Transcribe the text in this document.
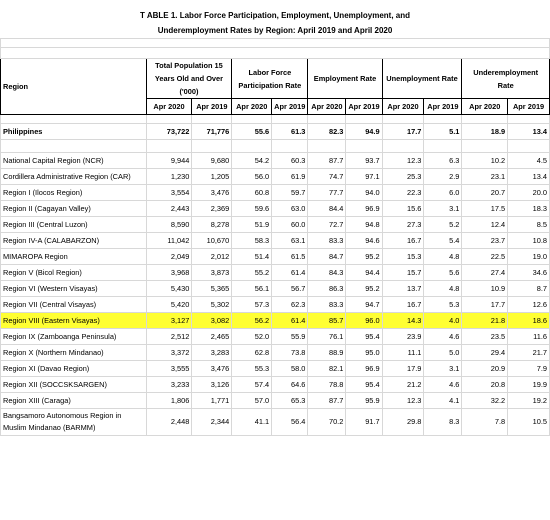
T ABLE 1. Labor Force Participation, Employment, Unemployment, and										
Underemployment Rates by Region: April 2019 and April 2020										

Region	Total Population 15 Years Old and Over ('000)		Labor Force Participation Rate		Employment Rate		Unemployment Rate		Underemployment Rate	
	Apr 2020	Apr 2019	Apr 2020	Apr 2019	Apr 2020	Apr 2019	Apr 2020	Apr 2019	Apr 2020	Apr 2019

Philippines	73,722	71,776	55.6	61.3	82.3	94.9	17.7	5.1	18.9	13.4

National Capital Region (NCR)	9,944	9,680	54.2	60.3	87.7	93.7	12.3	6.3	10.2	4.5
Cordillera Administrative Region (CAR)	1,230	1,205	56.0	61.9	74.7	97.1	25.3	2.9	23.1	13.4
Region I (Ilocos Region)	3,554	3,476	60.8	59.7	77.7	94.0	22.3	6.0	20.7	20.0
Region II (Cagayan Valley)	2,443	2,369	59.6	63.0	84.4	96.9	15.6	3.1	17.5	18.3
Region III (Central Luzon)	8,590	8,278	51.9	60.0	72.7	94.8	27.3	5.2	12.4	8.5
Region IV-A (CALABARZON)	11,042	10,670	58.3	63.1	83.3	94.6	16.7	5.4	23.7	10.8
MIMAROPA Region	2,049	2,012	51.4	61.5	84.7	95.2	15.3	4.8	22.5	19.0
Region V (Bicol Region)	3,968	3,873	55.2	61.4	84.3	94.4	15.7	5.6	27.4	34.6
Region VI (Western Visayas)	5,430	5,365	56.1	56.7	86.3	95.2	13.7	4.8	10.9	8.7
Region VII (Central Visayas)	5,420	5,302	57.3	62.3	83.3	94.7	16.7	5.3	17.7	12.6
Region VIII (Eastern Visayas)	3,127	3,082	56.2	61.4	85.7	96.0	14.3	4.0	21.8	18.6
Region IX (Zamboanga Peninsula)	2,512	2,465	52.0	55.9	76.1	95.4	23.9	4.6	23.5	11.6
Region X (Northern Mindanao)	3,372	3,283	62.8	73.8	88.9	95.0	11.1	5.0	29.4	21.7
Region XI (Davao Region)	3,555	3,476	55.3	58.0	82.1	96.9	17.9	3.1	20.9	7.9
Region XII (SOCCSKSARGEN)	3,233	3,126	57.4	64.6	78.8	95.4	21.2	4.6	20.8	19.9
Region XIII (Caraga)	1,806	1,771	57.0	65.3	87.7	95.9	12.3	4.1	32.2	19.2
Bangsamoro Autonomous Region in Muslim Mindanao (BARMM)	2,448	2,344	41.1	56.4	70.2	91.7	29.8	8.3	7.8	10.5
